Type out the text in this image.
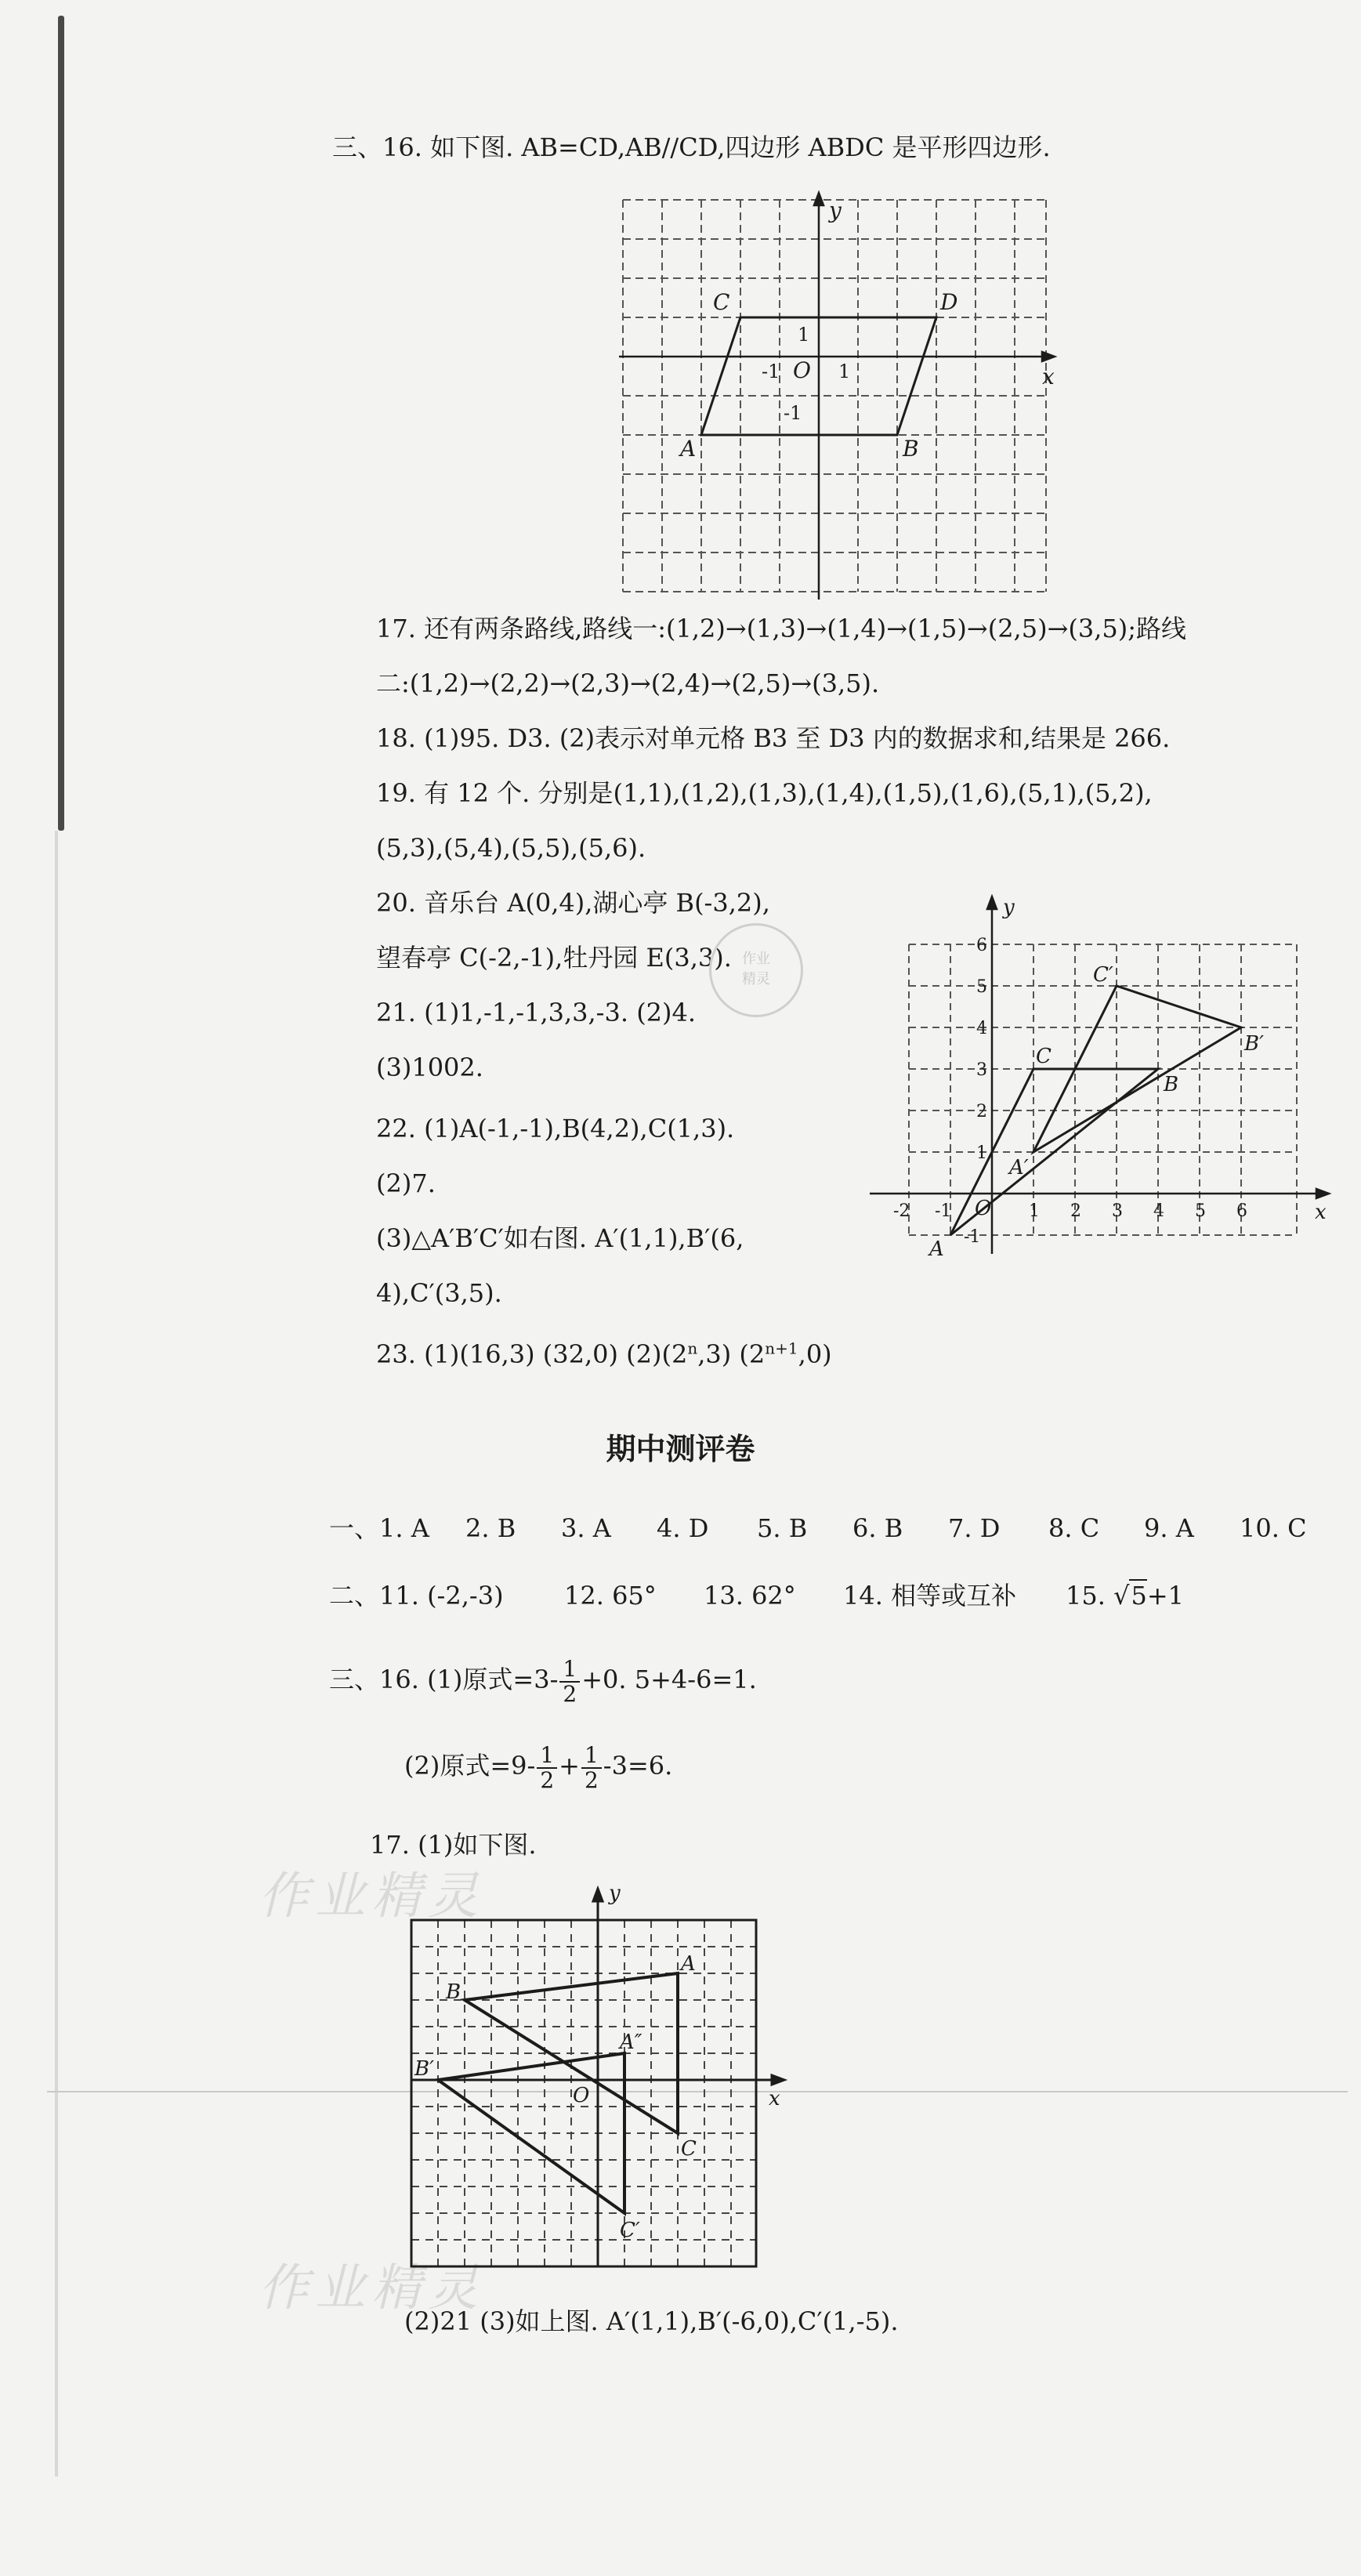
三、16. 如下图. AB=CD,AB//CD,四边形 ABDC 是平形四边形.
C	D
A	B
O	x
y
1
-1	1
-1
17. 还有两条路线,路线一:(1,2)→(1,3)→(1,4)→(1,5)→(2,5)→(3,5);路线
二:(1,2)→(2,2)→(2,3)→(2,4)→(2,5)→(3,5).
18. (1)95. D3. (2)表示对单元格 B3 至 D3 内的数据求和,结果是 266.
19. 有 12 个. 分别是(1,1),(1,2),(1,3),(1,4),(1,5),(1,6),(5,1),(5,2),
(5,3),(5,4),(5,5),(5,6).
20. 音乐台 A(0,4),湖心亭 B(-3,2),
望春亭 C(-2,-1),牡丹园 E(3,3).
21. (1)1,-1,-1,3,3,-3. (2)4.
(3)1002.
22. (1)A(-1,-1),B(4,2),C(1,3).
(2)7.
(3)△A′B′C′如右图. A′(1,1),B′(6,
4),C′(3,5).
23. (1)(16,3) (32,0) (2)(2$^n$,3) $(2^{n+1},0)$
作业
精灵
-2 -1	1 2 3 4 5 6
-1
1
2
3
4
5
6
A
B
C
A′
B′
C′
O	x
y
期中测评卷
一、1. A 2. B 3. A 4. D 5. B 6. B 7. D 8. C 9. A 10. C
二、11. (-2,-3) 12. 65° 13. 62° 14. 相等或互补 15. √5+1
三、16. (1)原式$=3- \frac{1}{2} +0$. 5+4-6=1.
(2)原式$=9- \frac{1}{2} + \frac{1}{2} -3=6$.
17. (1)如下图.
作业精灵
作业精灵
A
B
C
A″
B′
C′
O	x
y
(2)21 (3)如上图. A′(1,1),B′(-6,0),C′(1,-5).
